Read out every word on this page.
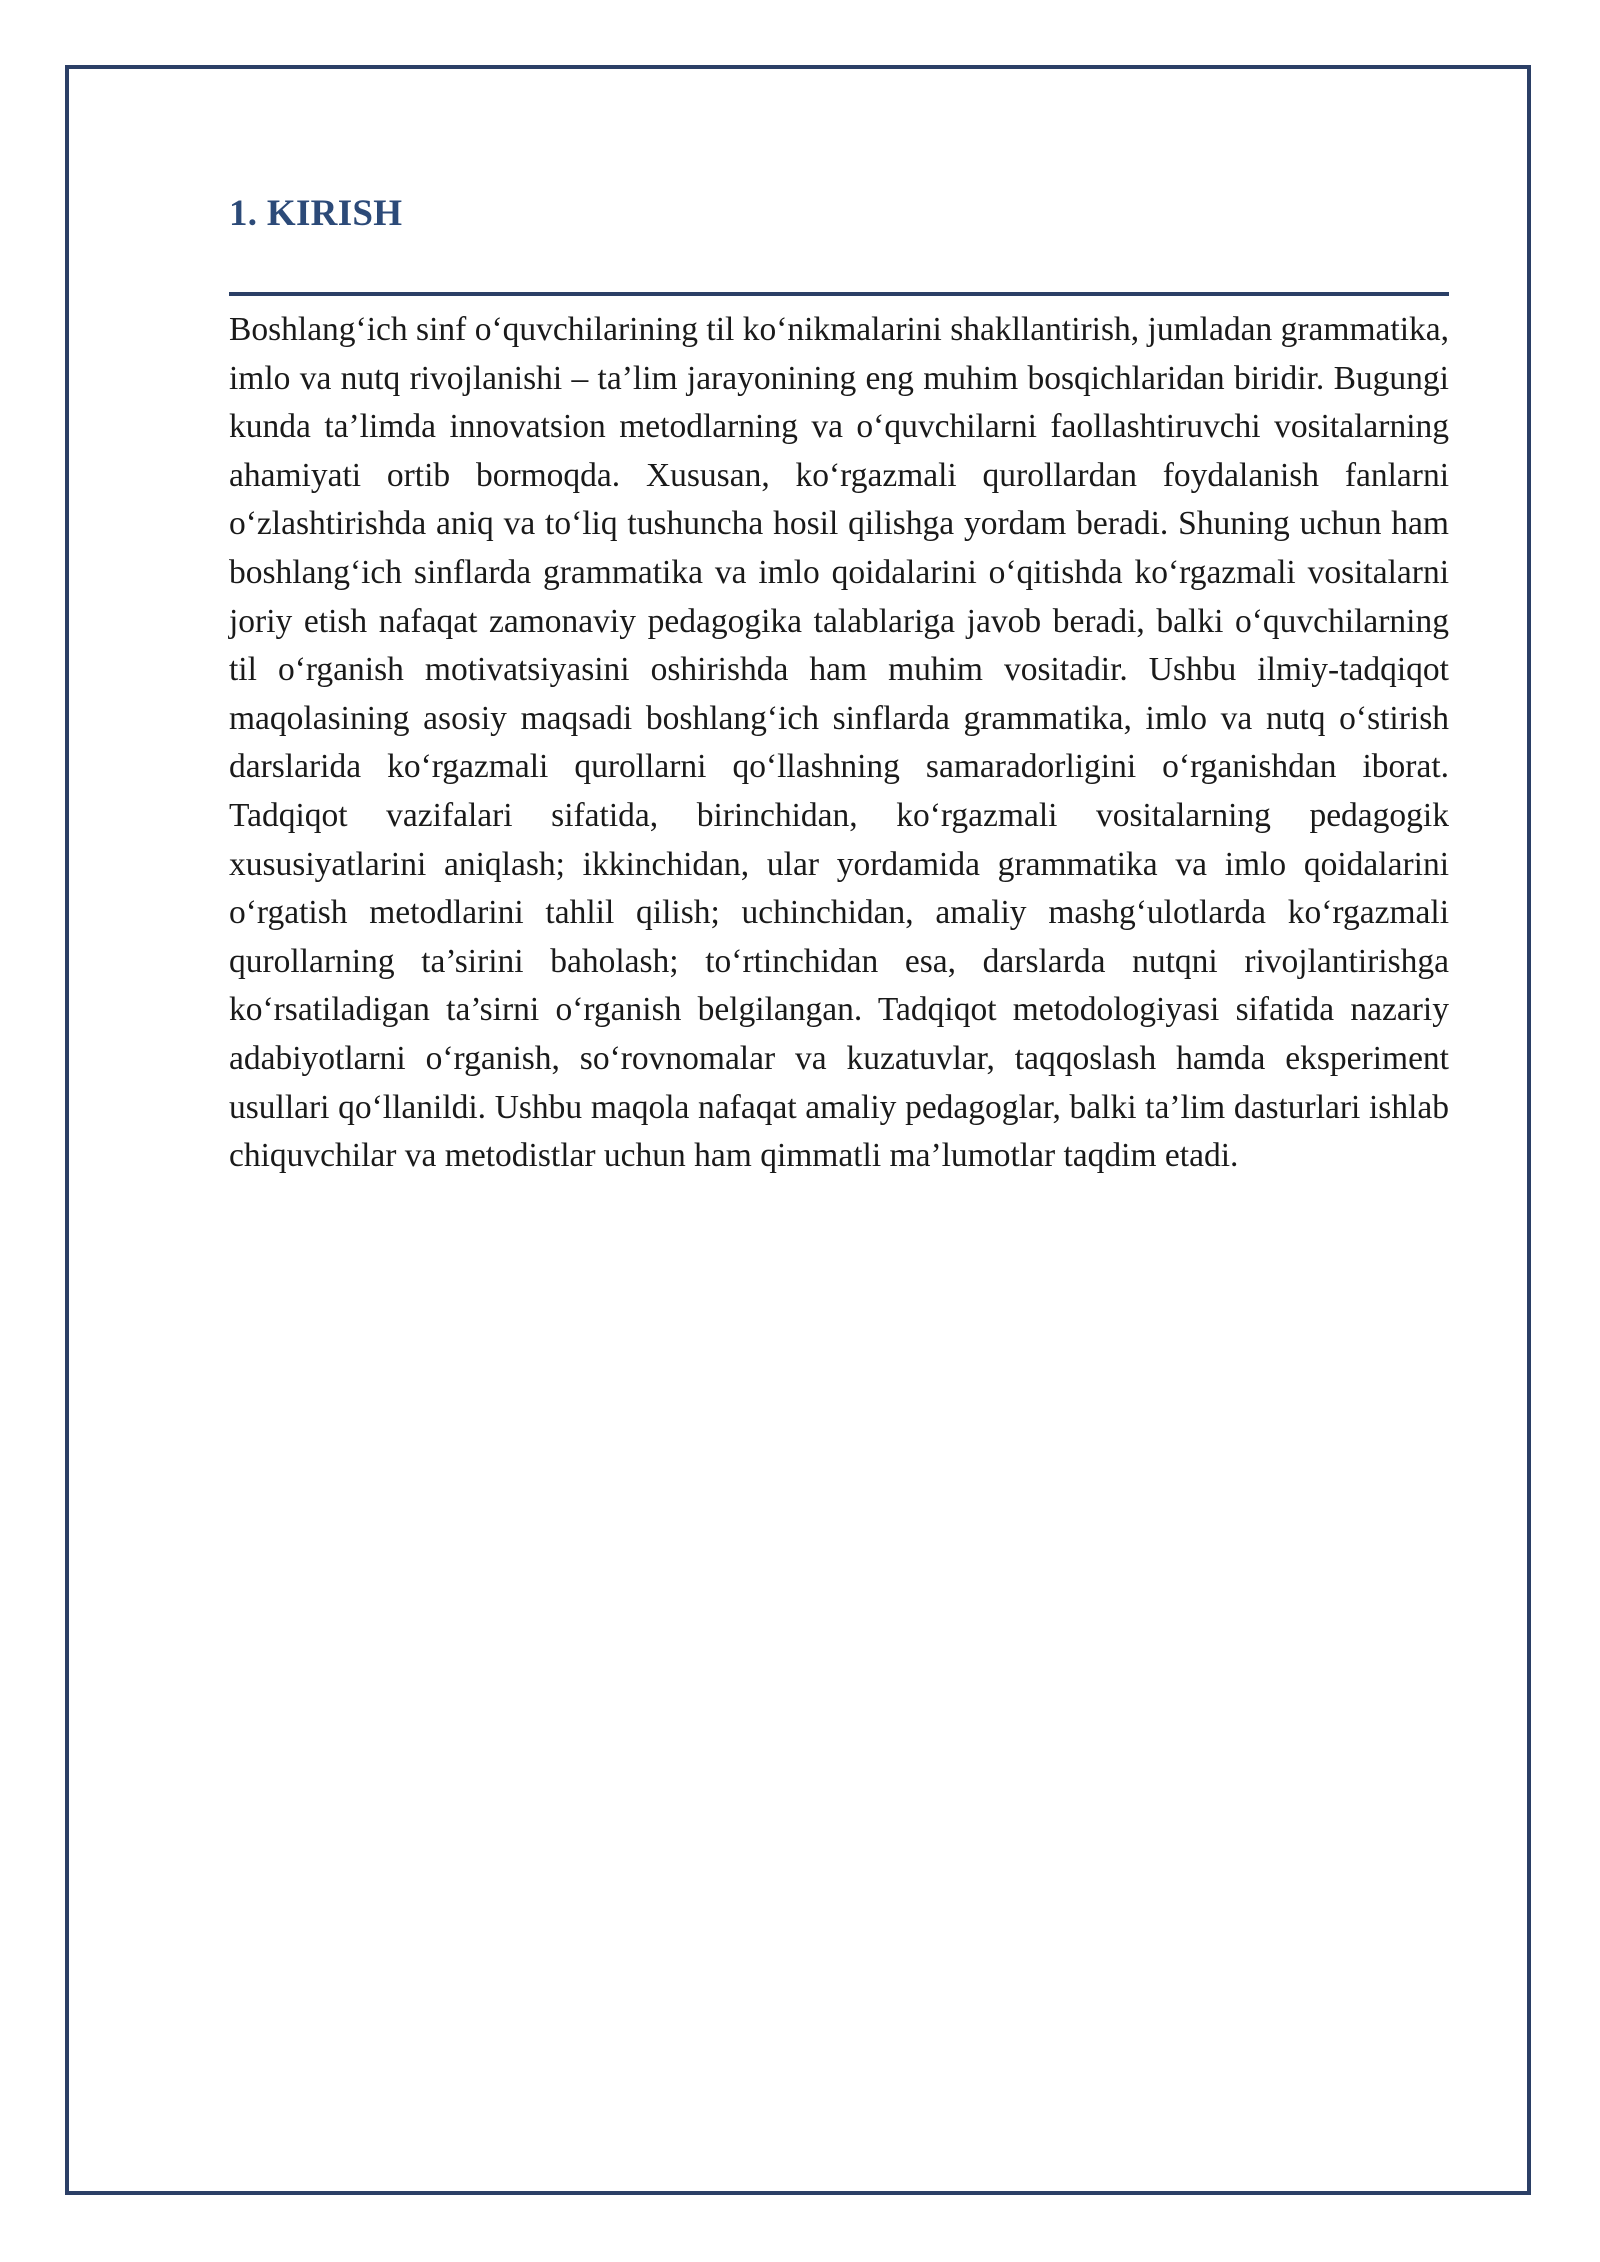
1. KIRISH

Boshlang‘ich sinf o‘quvchilarining til ko‘nikmalarini shakllantirish, jumladan grammatika, imlo va nutq rivojlanishi – ta’lim jarayonining eng muhim bosqichlaridan biridir. Bugungi kunda ta’limda innovatsion metodlarning va o‘quvchilarni faollashtiruvchi vositalarning ahamiyati ortib bormoqda. Xususan, ko‘rgazmali qurollardan foydalanish fanlarni o‘zlashtirishda aniq va to‘liq tushuncha hosil qilishga yordam beradi. Shuning uchun ham boshlang‘ich sinflarda grammatika va imlo qoidalarini o‘qitishda ko‘rgazmali vositalarni joriy etish nafaqat zamonaviy pedagogika talablariga javob beradi, balki o‘quvchilarning til o‘rganish motivatsiyasini oshirishda ham muhim vositadir. Ushbu ilmiy-tadqiqot maqolasining asosiy maqsadi boshlang‘ich sinflarda grammatika, imlo va nutq o‘stirish darslarida ko‘rgazmali qurollarni qo‘llashning samaradorligini o‘rganishdan iborat. Tadqiqot vazifalari sifatida, birinchidan, ko‘rgazmali vositalarning pedagogik xususiyatlarini aniqlash; ikkinchidan, ular yordamida grammatika va imlo qoidalarini o‘rgatish metodlarini tahlil qilish; uchinchidan, amaliy mashg‘ulotlarda ko‘rgazmali qurollarning ta’sirini baholash; to‘rtinchidan esa, darslarda nutqni rivojlantirishga ko‘rsatiladigan ta’sirni o‘rganish belgilangan. Tadqiqot metodologiyasi sifatida nazariy adabiyotlarni o‘rganish, so‘rovnomalar va kuzatuvlar, taqqoslash hamda eksperiment usullari qo‘llanildi. Ushbu maqola nafaqat amaliy pedagoglar, balki ta’lim dasturlari ishlab chiquvchilar va metodistlar uchun ham qimmatli ma’lumotlar taqdim etadi.
